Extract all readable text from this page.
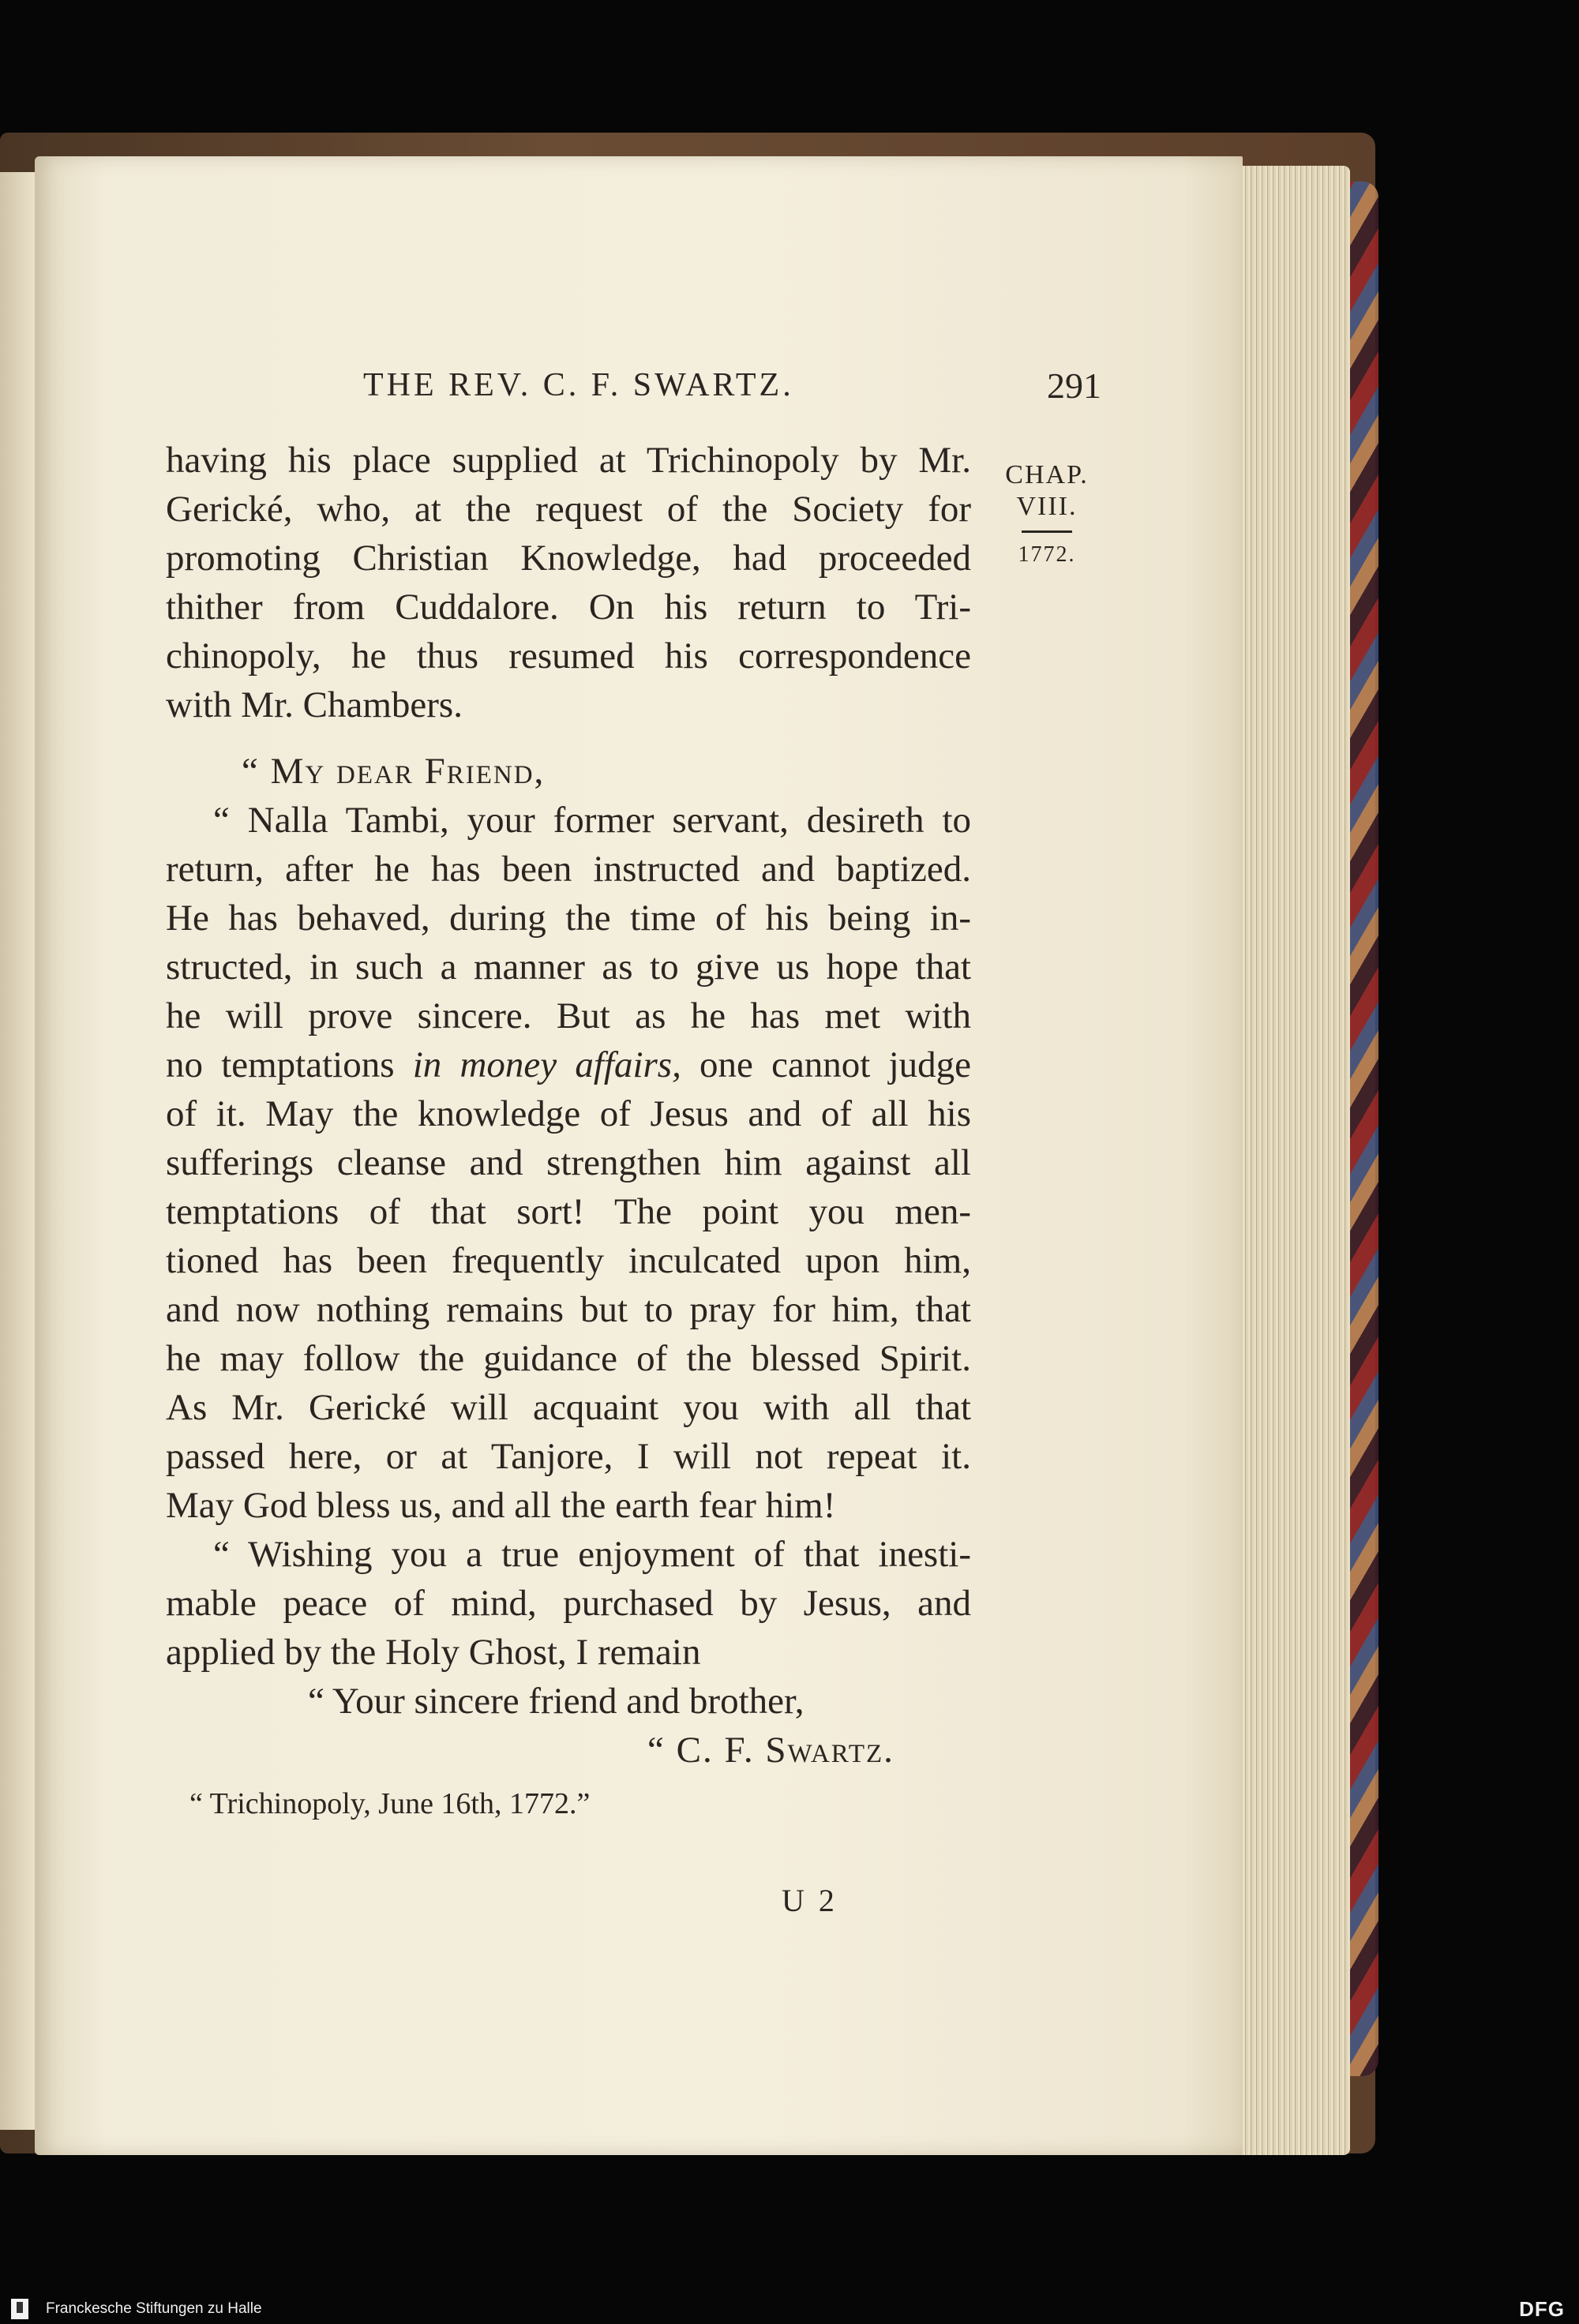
THE REV. C. F. SWARTZ.	291
CHAP.
VIII.
1772.
having his place supplied at Trichinopoly by Mr.
Gerické, who, at the request of the Society for
promoting Christian Knowledge, had proceeded
thither from Cuddalore. On his return to Tri-
chinopoly, he thus resumed his correspondence
with Mr. Chambers.
“ My dear Friend,
“ Nalla Tambi, your former servant, desireth to
return, after he has been instructed and baptized.
He has behaved, during the time of his being in-
structed, in such a manner as to give us hope that
he will prove sincere. But as he has met with
no temptations in money affairs, one cannot judge
of it. May the knowledge of Jesus and of all his
sufferings cleanse and strengthen him against all
temptations of that sort! The point you men-
tioned has been frequently inculcated upon him,
and now nothing remains but to pray for him, that
he may follow the guidance of the blessed Spirit.
As Mr. Gerické will acquaint you with all that
passed here, or at Tanjore, I will not repeat it.
May God bless us, and all the earth fear him!
“ Wishing you a true enjoyment of that inesti-
mable peace of mind, purchased by Jesus, and
applied by the Holy Ghost, I remain
“ Your sincere friend and brother,
“ C. F. Swartz.
“ Trichinopoly, June 16th, 1772.”
U 2
Franckesche Stiftungen zu Halle	DFG
